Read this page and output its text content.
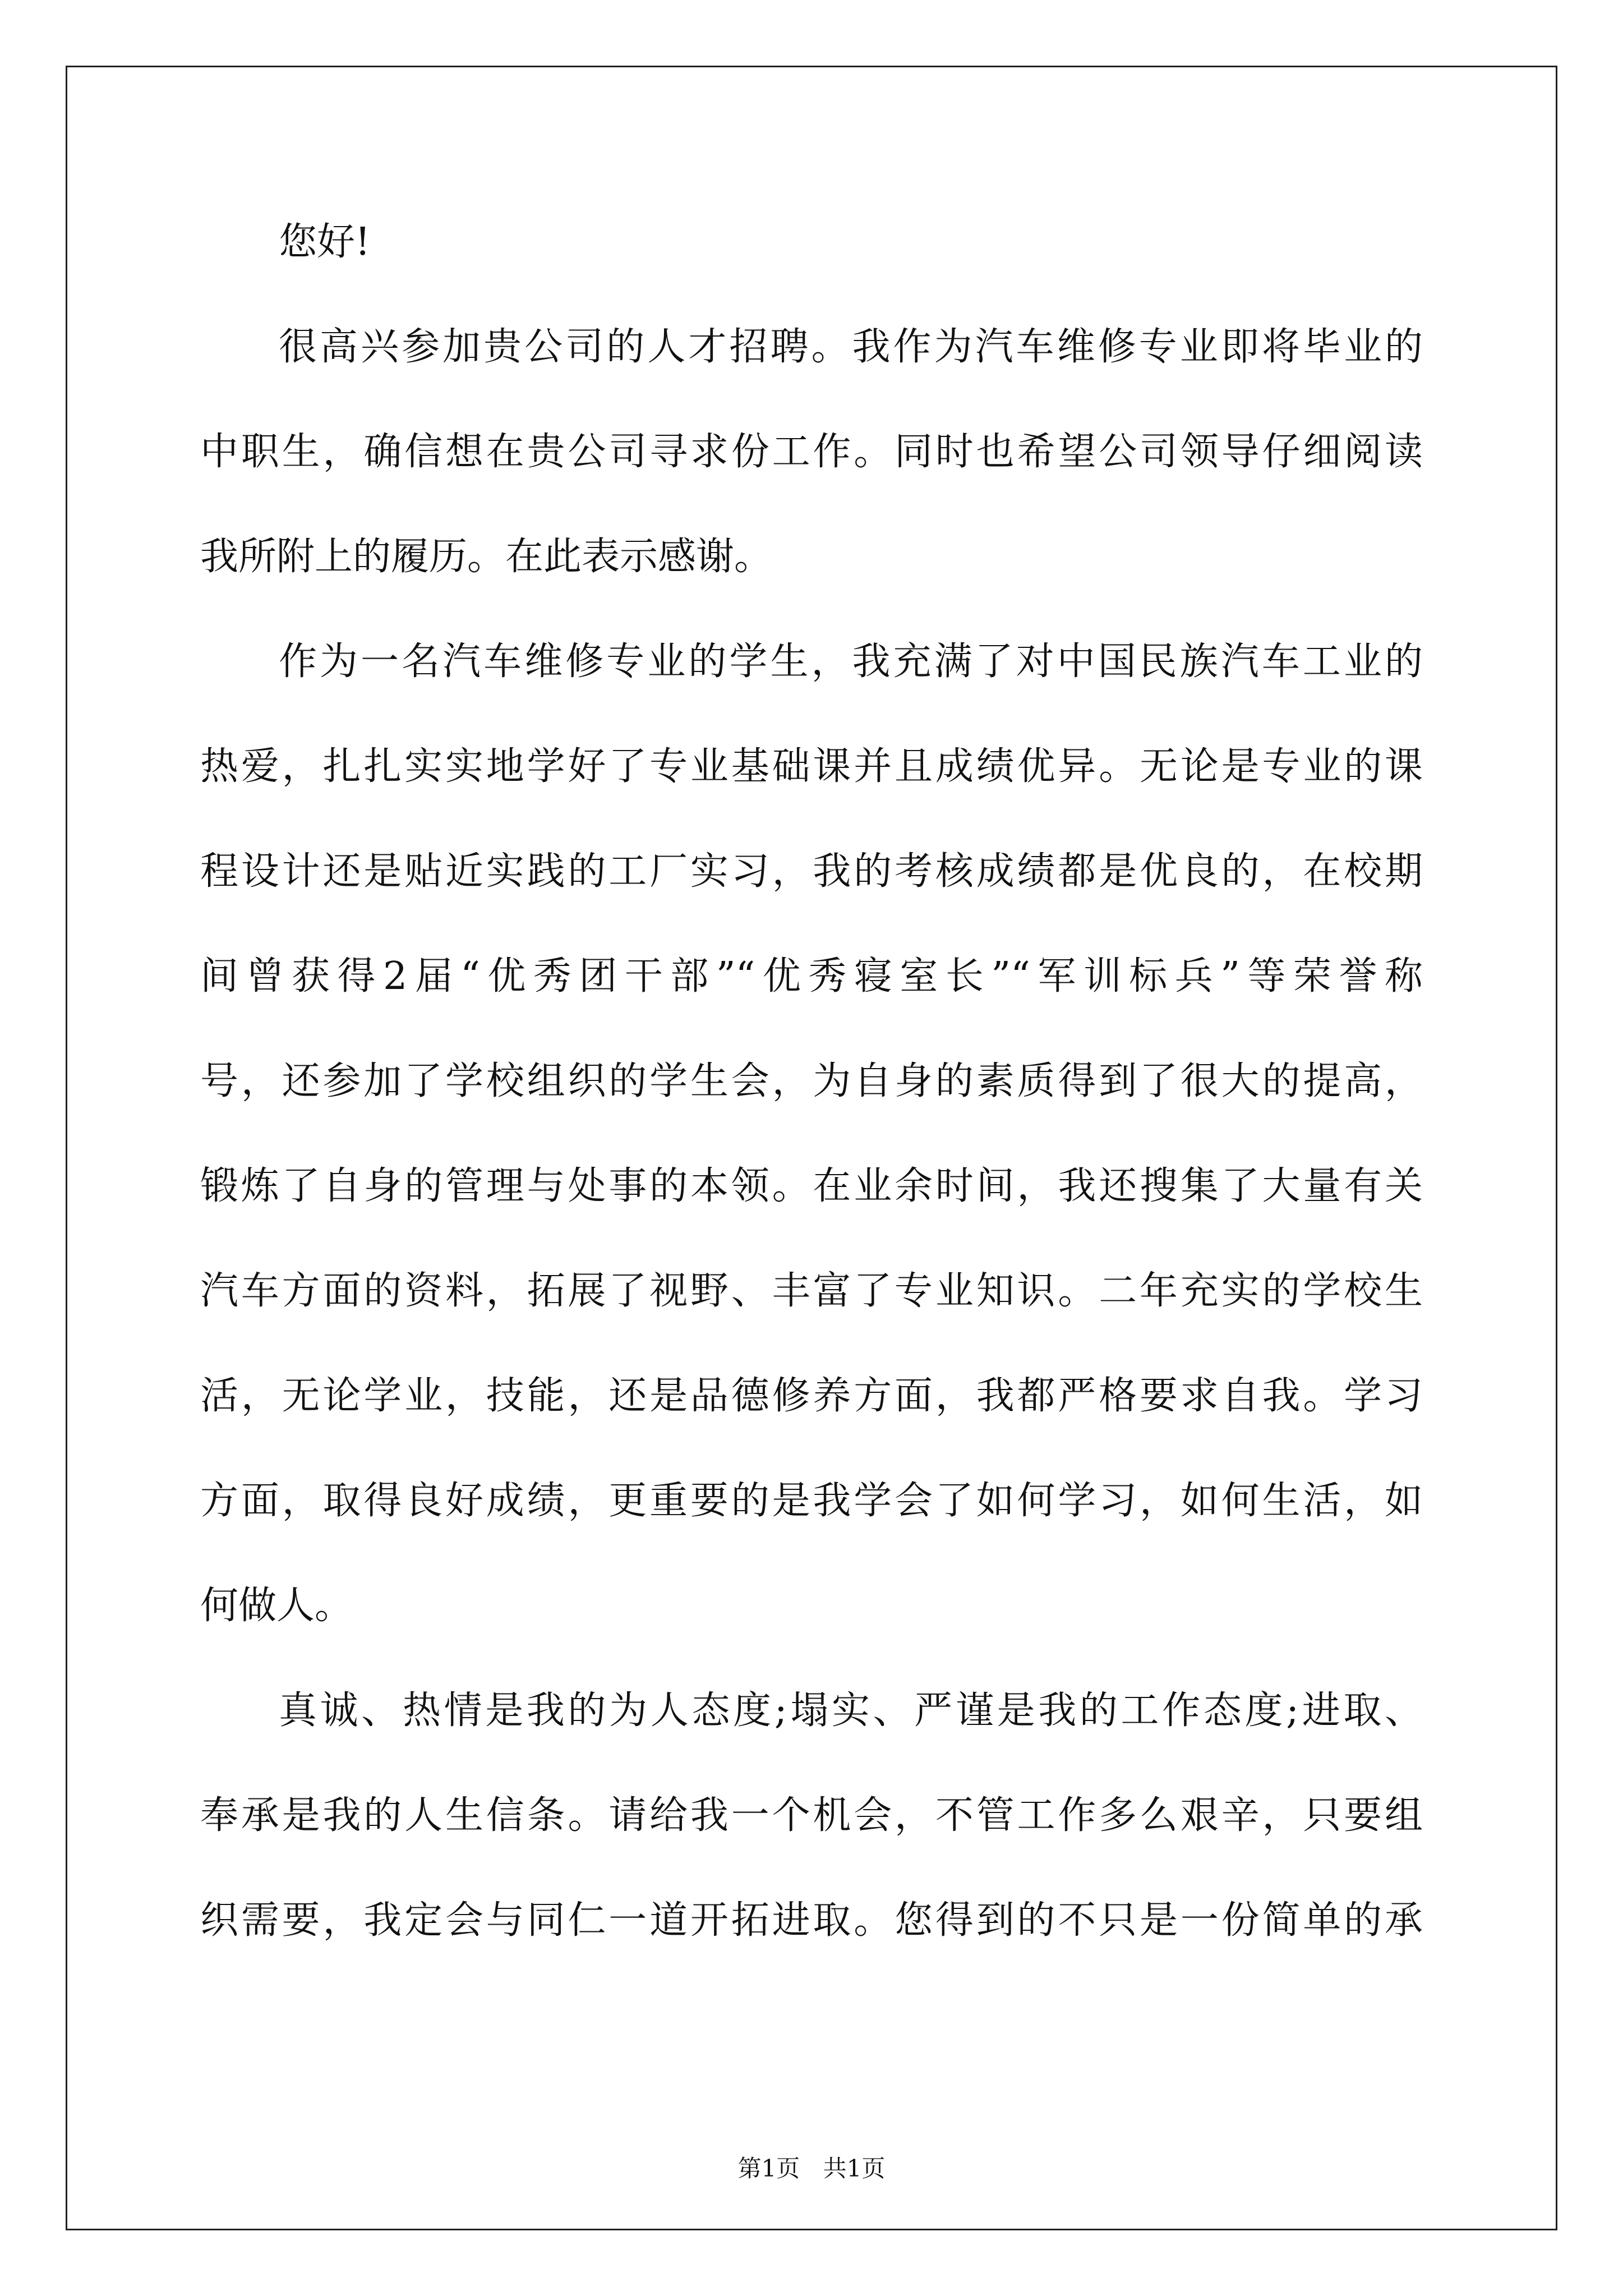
您好!
很高兴参加贵公司的人才招聘。我作为汽车维修专业即将毕业的
中职生，确信想在贵公司寻求份工作。同时也希望公司领导仔细阅读
我所附上的履历。在此表示感谢。
作为一名汽车维修专业的学生，我充满了对中国民族汽车工业的
热爱，扎扎实实地学好了专业基础课并且成绩优异。无论是专业的课
程设计还是贴近实践的工厂实习，我的考核成绩都是优良的，在校期
间曾获得2届“优秀团干部”“优秀寝室长”“军训标兵”等荣誉称
号，还参加了学校组织的学生会，为自身的素质得到了很大的提高，
锻炼了自身的管理与处事的本领。在业余时间，我还搜集了大量有关
汽车方面的资料，拓展了视野、丰富了专业知识。二年充实的学校生
活，无论学业，技能，还是品德修养方面，我都严格要求自我。学习
方面，取得良好成绩，更重要的是我学会了如何学习，如何生活，如
何做人。
真诚、热情是我的为人态度;塌实、严谨是我的工作态度;进取、
奉承是我的人生信条。请给我一个机会，不管工作多么艰辛，只要组
织需要，我定会与同仁一道开拓进取。您得到的不只是一份简单的承
第1页 共1页
